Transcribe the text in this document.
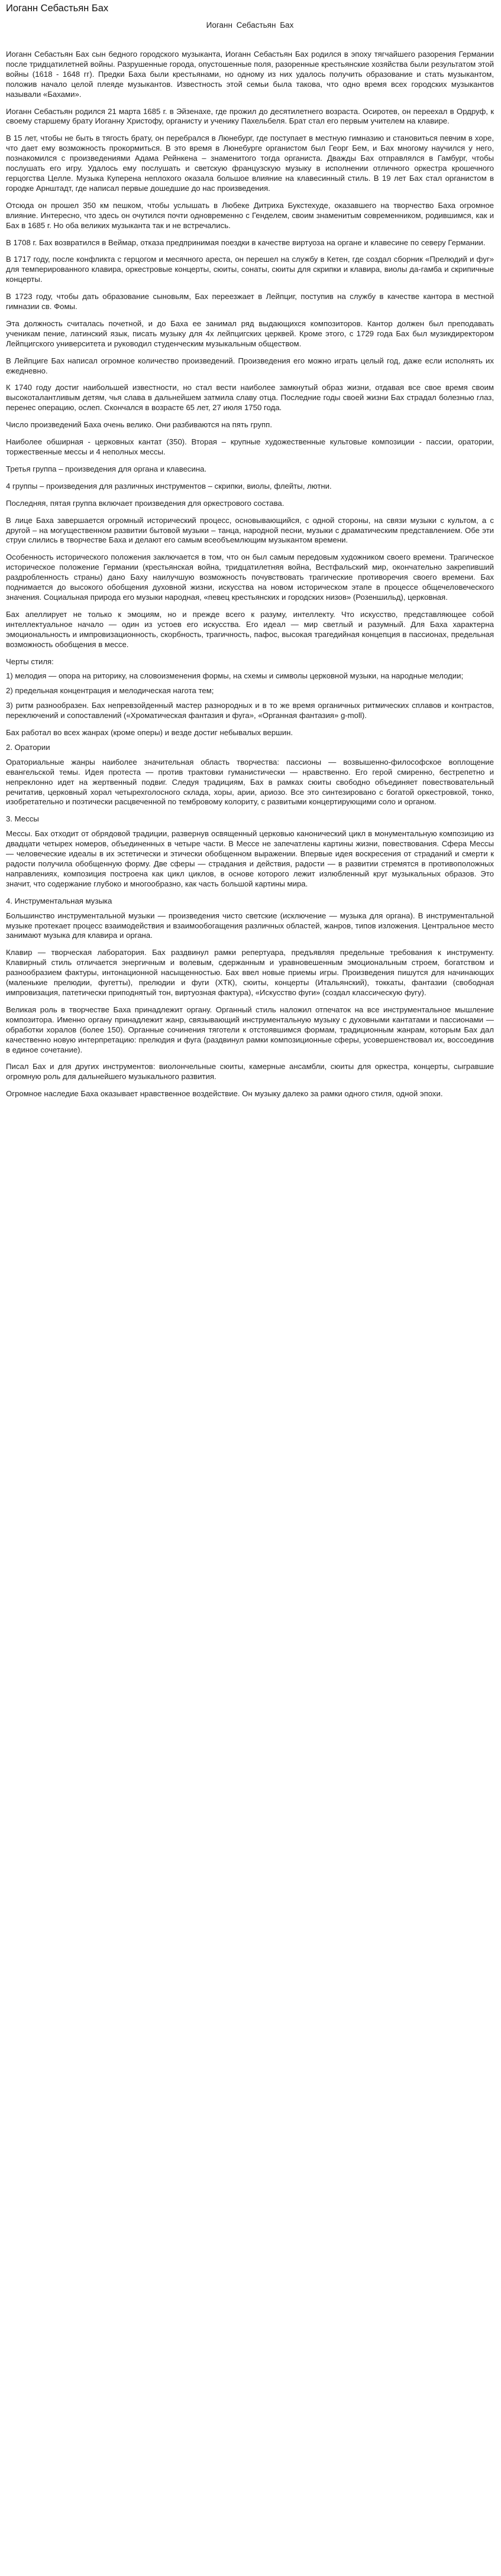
Иоганн Себастьян Бах
Иоганн Себастьян Бах

Иоганн Себастьян Бах сын бедного городского музыканта, Иоганн Себастьян Бах родился в эпоху тягчайшего разорения Германии после тридцатилетней войны. Разрушенные города, опустошенные поля, разоренные крестьянские хозяйства были результатом этой войны (1618 - 1648 гг). Предки Баха были крестьянами, но одному из них удалось получить образование и стать музыкантом, положив начало целой плеяде музыкантов. Известность этой семьи была такова, что одно время всех городских музыкантов называли «Бахами».

Иоганн Себастьян родился 21 марта 1685 г. в Эйзенахе, где прожил до десятилетнего возраста. Осиротев, он переехал в Ордруф, к своему старшему брату Иоганну Христофу, органисту и ученику Пахельбеля. Брат стал его первым учителем на клавире.

В 15 лет, чтобы не быть в тягость брату, он перебрался в Люнебург, где поступает в местную гимназию и становиться певчим в хоре, что дает ему возможность прокормиться. В это время в Люнебурге органистом был Георг Бем, и Бах многому научился у него, познакомился с произведениями Адама Рейнкена – знаменитого тогда органиста. Дважды Бах отправлялся в Гамбург, чтобы послушать его игру. Удалось ему послушать и светскую французскую музыку в исполнении отличного оркестра крошечного герцогства Целле. Музыка Куперена неплохого оказала большое влияние на клавесинный стиль. В 19 лет Бах стал органистом в городке Арнштадт, где написал первые дошедшие до нас произведения.

Отсюда он прошел 350 км пешком, чтобы услышать в Любеке Дитриха Букстехуде, оказавшего на творчество Баха огромное влияние. Интересно, что здесь он очутился почти одновременно с Генделем, своим знаменитым современником, родившимся, как и Бах в 1685 г. Но оба великих музыканта так и не встречались.

В 1708 г. Бах возвратился в Веймар, отказа предпринимая поездки в качестве виртуоза на органе и клавесине по северу Германии.

В 1717 году, после конфликта с герцогом и месячного ареста, он перешел на службу в Кетен, где создал сборник «Прелюдий и фуг» для темперированного клавира, оркестровые концерты, сюиты, сонаты, сюиты для скрипки и клавира, виолы да-гамба и скрипичные концерты.

В 1723 году, чтобы дать образование сыновьям, Бах переезжает в Лейпциг, поступив на службу в качестве кантора в местной гимназии св. Фомы.

Эта должность считалась почетной, и до Баха ее занимал ряд выдающихся композиторов. Кантор должен был преподавать ученикам пение, латинский язык, писать музыку для 4х лейпцигских церквей. Кроме этого, с 1729 года Бах был музикдиректором Лейпцигского университета и руководил студенческим музыкальным обществом.

В Лейпциге Бах написал огромное количество произведений. Произведения его можно играть целый год, даже если исполнять их ежедневно.

К 1740 году достиг наибольшей известности, но стал вести наиболее замкнутый образ жизни, отдавая все свое время своим высокоталантливым детям, чья слава в дальнейшем затмила славу отца. Последние годы своей жизни Бах страдал болезнью глаз, перенес операцию, ослеп. Скончался в возрасте 65 лет, 27 июля 1750 года.

Число произведений Баха очень велико. Они разбиваются на пять групп.

Наиболее обширная - церковных кантат (350). Вторая – крупные художественные культовые композиции - пассии, оратории, торжественные мессы и 4 неполных мессы.

Третья группа – произведения для органа и клавесина.

4 группы – произведения для различных инструментов – скрипки, виолы, флейты, лютни.

Последняя, пятая группа включает произведения для оркестрового состава.

В лице Баха завершается огромный исторический процесс, основывающийся, с одной стороны, на связи музыки с культом, а с другой – на могущественном развитии бытовой музыки – танца, народной песни, музыки с драматическим представлением. Обе эти струи слились в творчестве Баха и делают его самым всеобъемлющим музыкантом времени.

Особенность исторического положения заключается в том, что он был самым передовым художником своего времени. Трагическое историческое положение Германии (крестьянская война, тридцатилетняя война, Вестфальский мир, окончательно закрепивший раздробленность страны) дано Баху наилучшую возможность почувствовать трагические противоречия своего времени. Бах поднимается до высокого обобщения духовной жизни, искусства на новом историческом этапе в процессе общечеловеческого значения. Социальная природа его музыки народная, «певец крестьянских и городских низов» (Розеншильд), церковная.

Бах апеллирует не только к эмоциям, но и прежде всего к разуму, интеллекту. Что искусство, представляющее собой интеллектуальное начало — один из устоев его искусства. Его идеал — мир светлый и разумный. Для Баха характерна эмоциональность и импровизационность, скорбность, трагичность, пафос, высокая трагедийная концепция в пассионах, предельная возможность обобщения в мессе.

Черты стиля:

1) мелодия — опора на риторику, на словоизменения формы, на схемы и символы церковной музыки, на народные мелодии;

2) предельная концентрация и мелодическая нагота тем;

3) ритм разнообразен. Бах непревзойденный мастер разнородных и в то же время органичных ритмических сплавов и контрастов, переключений и сопоставлений («Хроматическая фантазия и фуга», «Органная фантазия» g-moll).

Бах работал во всех жанрах (кроме оперы) и везде достиг небывалых вершин.

2. Оратории

Ораториальные жанры наиболее значительная область творчества: пассионы — возвышенно-философское воплощение евангельской темы. Идея протеста — против трактовки гуманистически — нравственно. Его герой смиренно, бестрепетно и непреклонно идет на жертвенный подвиг. Следуя традициям, Бах в рамках сюиты свободно объединяет повествовательный речитатив, церковный хорал четырехголосного склада, хоры, арии, ариозо. Все это синтезировано с богатой оркестровкой, тонко, изобретательно и поэтически расцвеченной по тембровому колориту, с развитыми концертирующими соло и органом.

3. Мессы

Мессы. Бах отходит от обрядовой традиции, развернув освященный церковью канонический цикл в монументальную композицию из двадцати четырех номеров, объединенных в четыре части. В Мессе не запечатлены картины жизни, повествования. Сфера Мессы — человеческие идеалы в их эстетически и этически обобщенном выражении. Впервые идея воскресения от страданий и смерти к радости получила обобщенную форму. Две сферы — страдания и действия, радости — в развитии стремятся в противоположных направлениях, композиция построена как цикл циклов, в основе которого лежит излюбленный круг музыкальных образов. Это значит, что содержание глубоко и многообразно, как часть большой картины мира.

4. Инструментальная музыка

Большинство инструментальной музыки — произведения чисто светские (исключение — музыка для органа). В инструментальной музыке протекает процесс взаимодействия и взаимообогащения различных областей, жанров, типов изложения. Центральное место занимают музыка для клавира и органа.

Клавир — творческая лаборатория. Бах раздвинул рамки репертуара, предъявляя предельные требования к инструменту. Клавирный стиль отличается энергичным и волевым, сдержанным и уравновешенным эмоциональным строем, богатством и разнообразием фактуры, интонационной насыщенностью. Бах ввел новые приемы игры. Произведения пишутся для начинающих (маленькие прелюдии, фугетты), прелюдии и фуги (ХТК), сюиты, концерты (Итальянский), токкаты, фантазии (свободная импровизация, патетически приподнятый тон, виртуозная фактура), «Искусство фуги» (создал классическую фугу).

Великая роль в творчестве Баха принадлежит органу. Органный стиль наложил отпечаток на все инструментальное мышление композитора. Именно органу принадлежит жанр, связывающий инструментальную музыку с духовными кантатами и пассионами — обработки хоралов (более 150). Органные сочинения тяготели к отстоявшимся формам, традиционным жанрам, которым Бах дал качественно новую интерпретацию: прелюдия и фуга (раздвинул рамки композиционные сферы, усовершенствовал их, воссоединив в единое сочетание).

Писал Бах и для других инструментов: виолончельные сюиты, камерные ансамбли, сюиты для оркестра, концерты, сыгравшие огромную роль для дальнейшего музыкального развития.

Огромное наследие Баха оказывает нравственное воздействие. Он музыку далеко за рамки одного стиля, одной эпохи.
